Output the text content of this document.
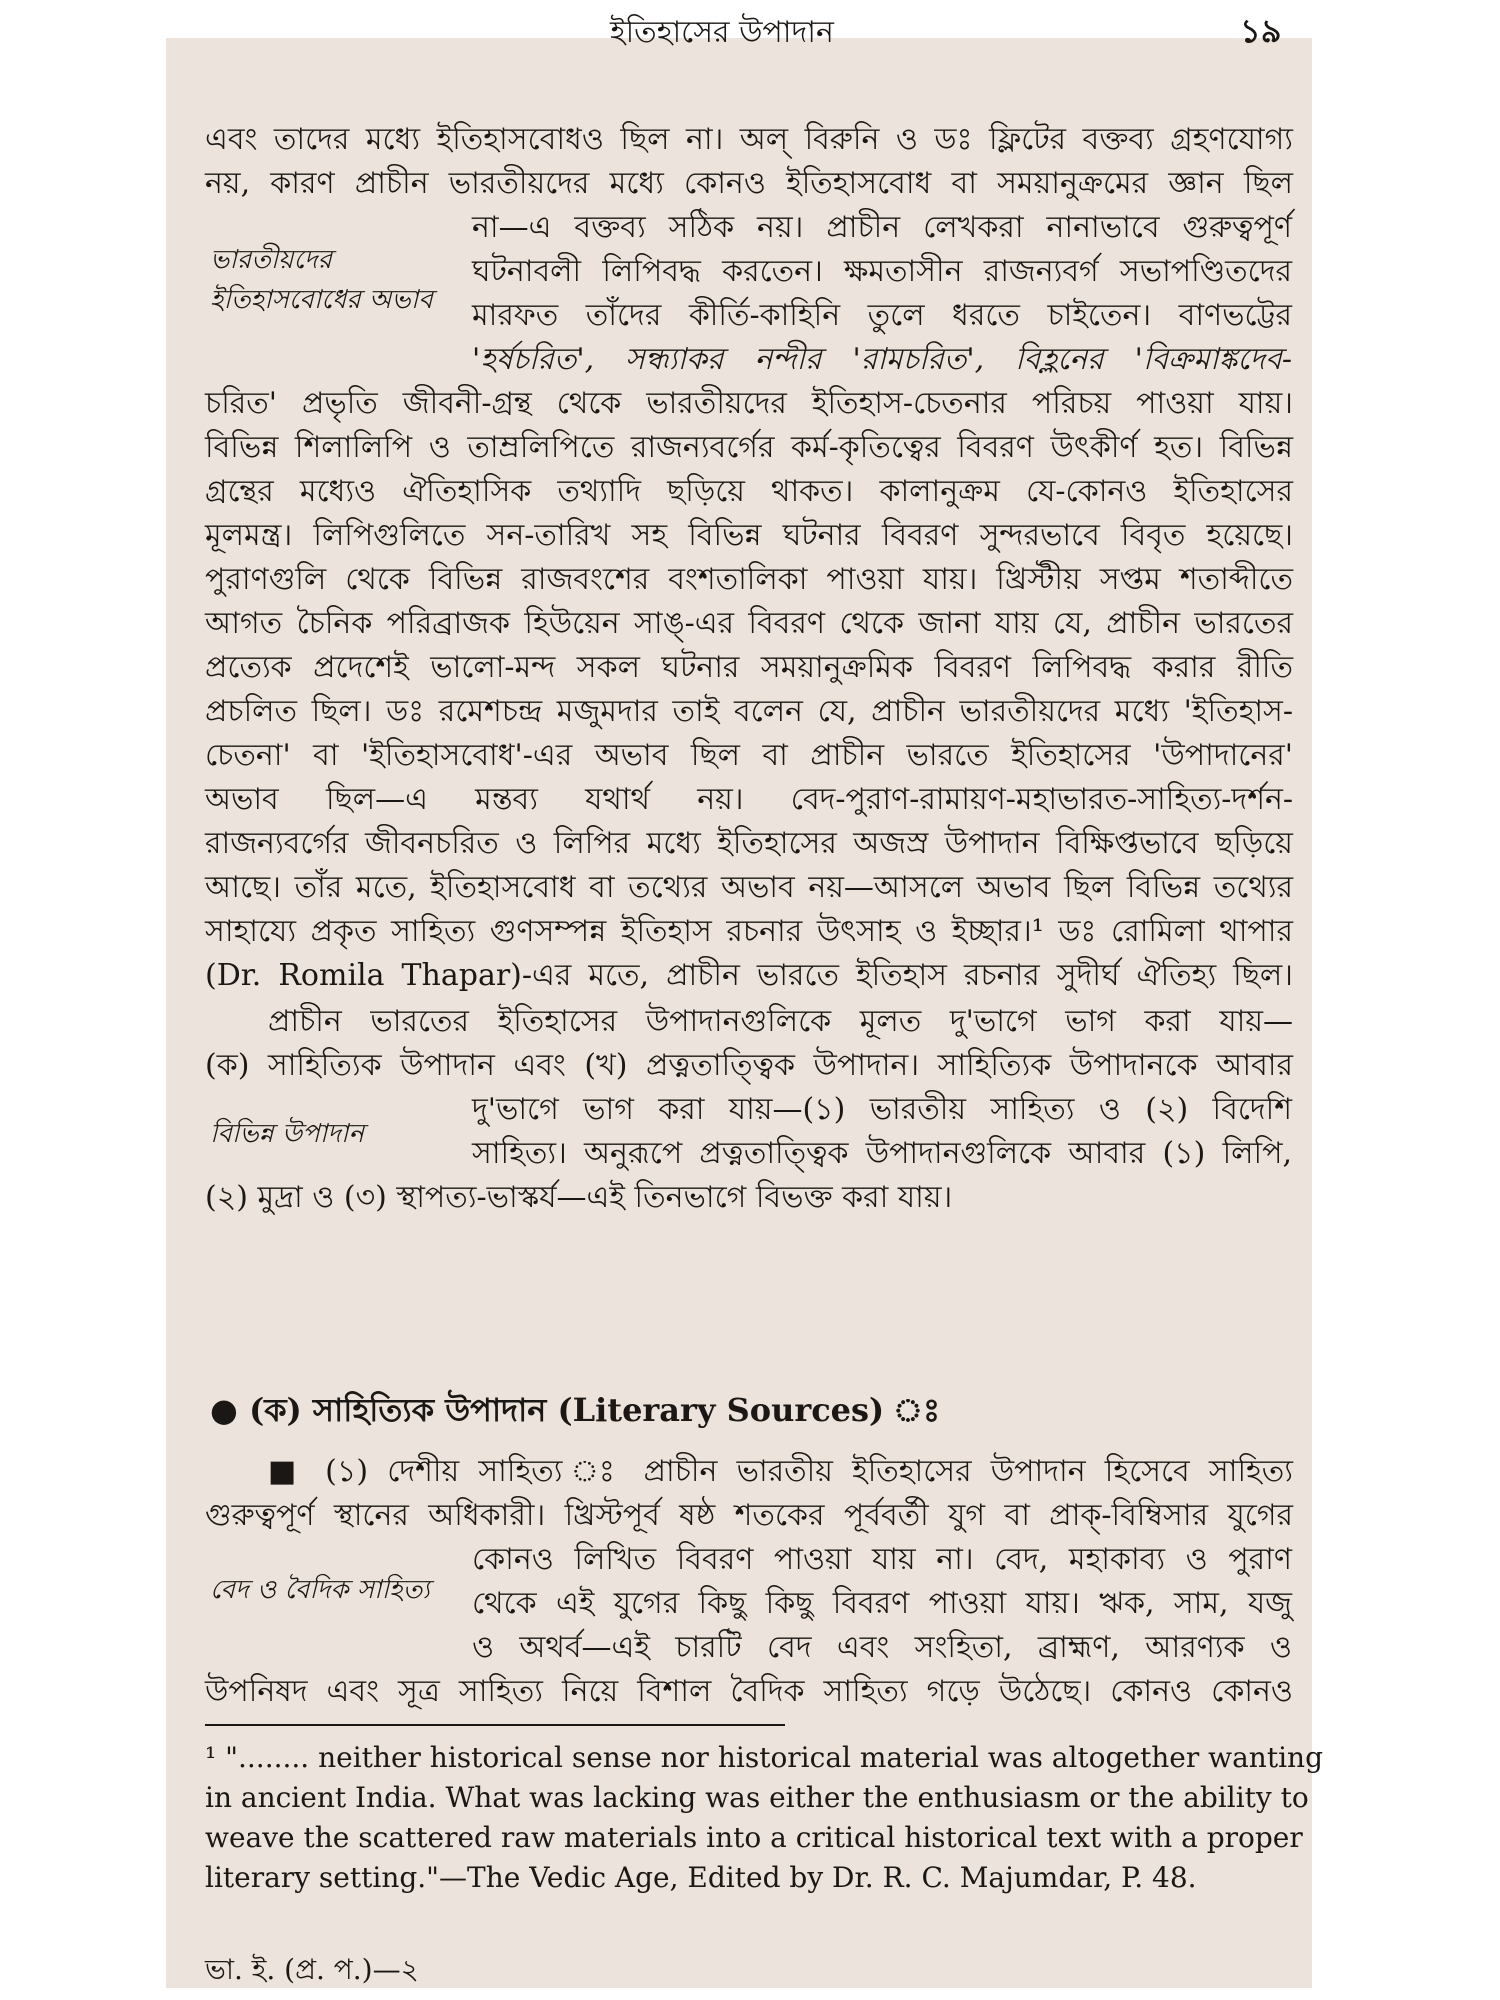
ইতিহাসের উপাদান	১৯
এবং তাদের মধ্যে ইতিহাসবোধও ছিল না। অল্ বিরুনি ও ডঃ ফ্লিটের বক্তব্য গ্রহণযোগ্য
নয়, কারণ প্রাচীন ভারতীয়দের মধ্যে কোনও ইতিহাসবোধ বা সময়ানুক্রমের জ্ঞান ছিল
না—এ বক্তব্য সঠিক নয়। প্রাচীন লেখকরা নানাভাবে গুরুত্বপূর্ণ
ঘটনাবলী লিপিবদ্ধ করতেন। ক্ষমতাসীন রাজন্যবর্গ সভাপণ্ডিতদের
মারফত তাঁদের কীর্তি-কাহিনি তুলে ধরতে চাইতেন। বাণভট্টের
'হর্ষচরিত', সন্ধ্যাকর নন্দীর 'রামচরিত', বিহ্লনের 'বিক্রমাঙ্কদেব-
চরিত' প্রভৃতি জীবনী-গ্রন্থ থেকে ভারতীয়দের ইতিহাস-চেতনার পরিচয় পাওয়া যায়।
বিভিন্ন শিলালিপি ও তাম্রলিপিতে রাজন্যবর্গের কর্ম-কৃতিত্বের বিবরণ উৎকীর্ণ হত। বিভিন্ন
গ্রন্থের মধ্যেও ঐতিহাসিক তথ্যাদি ছড়িয়ে থাকত। কালানুক্রম যে-কোনও ইতিহাসের
মূলমন্ত্র। লিপিগুলিতে সন-তারিখ সহ বিভিন্ন ঘটনার বিবরণ সুন্দরভাবে বিবৃত হয়েছে।
পুরাণগুলি থেকে বিভিন্ন রাজবংশের বংশতালিকা পাওয়া যায়। খ্রিস্টীয় সপ্তম শতাব্দীতে
আগত চৈনিক পরিব্রাজক হিউয়েন সাঙ্-এর বিবরণ থেকে জানা যায় যে, প্রাচীন ভারতের
প্রত্যেক প্রদেশেই ভালো-মন্দ সকল ঘটনার সময়ানুক্রমিক বিবরণ লিপিবদ্ধ করার রীতি
প্রচলিত ছিল। ডঃ রমেশচন্দ্র মজুমদার তাই বলেন যে, প্রাচীন ভারতীয়দের মধ্যে 'ইতিহাস-
চেতনা' বা 'ইতিহাসবোধ'-এর অভাব ছিল বা প্রাচীন ভারতে ইতিহাসের 'উপাদানের'
অভাব ছিল—এ মন্তব্য যথার্থ নয়। বেদ-পুরাণ-রামায়ণ-মহাভারত-সাহিত্য-দর্শন-
রাজন্যবর্গের জীবনচরিত ও লিপির মধ্যে ইতিহাসের অজস্র উপাদান বিক্ষিপ্তভাবে ছড়িয়ে
আছে। তাঁর মতে, ইতিহাসবোধ বা তথ্যের অভাব নয়—আসলে অভাব ছিল বিভিন্ন তথ্যের
সাহায্যে প্রকৃত সাহিত্য গুণসম্পন্ন ইতিহাস রচনার উৎসাহ ও ইচ্ছার।¹ ডঃ রোমিলা থাপার
(Dr. Romila Thapar)-এর মতে, প্রাচীন ভারতে ইতিহাস রচনার সুদীর্ঘ ঐতিহ্য ছিল।
প্রাচীন ভারতের ইতিহাসের উপাদানগুলিকে মূলত দু'ভাগে ভাগ করা যায়—
(ক) সাহিত্যিক উপাদান এবং (খ) প্রত্নতাত্ত্বিক উপাদান। সাহিত্যিক উপাদানকে আবার
দু'ভাগে ভাগ করা যায়—(১) ভারতীয় সাহিত্য ও (২) বিদেশি
সাহিত্য। অনুরূপে প্রত্নতাত্ত্বিক উপাদানগুলিকে আবার (১) লিপি,
(২) মুদ্রা ও (৩) স্থাপত্য-ভাস্কর্য—এই তিনভাগে বিভক্ত করা যায়।
● (ক) সাহিত্যিক উপাদান (Literary Sources) ঃ
■ (১) দেশীয় সাহিত্য ঃ প্রাচীন ভারতীয় ইতিহাসের উপাদান হিসেবে সাহিত্য
গুরুত্বপূর্ণ স্থানের অধিকারী। খ্রিস্টপূর্ব ষষ্ঠ শতকের পূর্ববর্তী যুগ বা প্রাক্-বিম্বিসার যুগের
কোনও লিখিত বিবরণ পাওয়া যায় না। বেদ, মহাকাব্য ও পুরাণ
থেকে এই যুগের কিছু কিছু বিবরণ পাওয়া যায়। ঋক, সাম, যজু
ও অথর্ব—এই চারটি বেদ এবং সংহিতা, ব্রাহ্মণ, আরণ্যক ও
উপনিষদ এবং সূত্র সাহিত্য নিয়ে বিশাল বৈদিক সাহিত্য গড়ে উঠেছে। কোনও কোনও
ভারতীয়দের ইতিহাসবোধের অভাব
বিভিন্ন উপাদান
বেদ ও বৈদিক সাহিত্য
¹ "........ neither historical sense nor historical material was altogether wanting
in ancient India. What was lacking was either the enthusiasm or the ability to
weave the scattered raw materials into a critical historical text with a proper
literary setting."—The Vedic Age, Edited by Dr. R. C. Majumdar, P. 48.
ভা. ই. (প্র. প.)—২
